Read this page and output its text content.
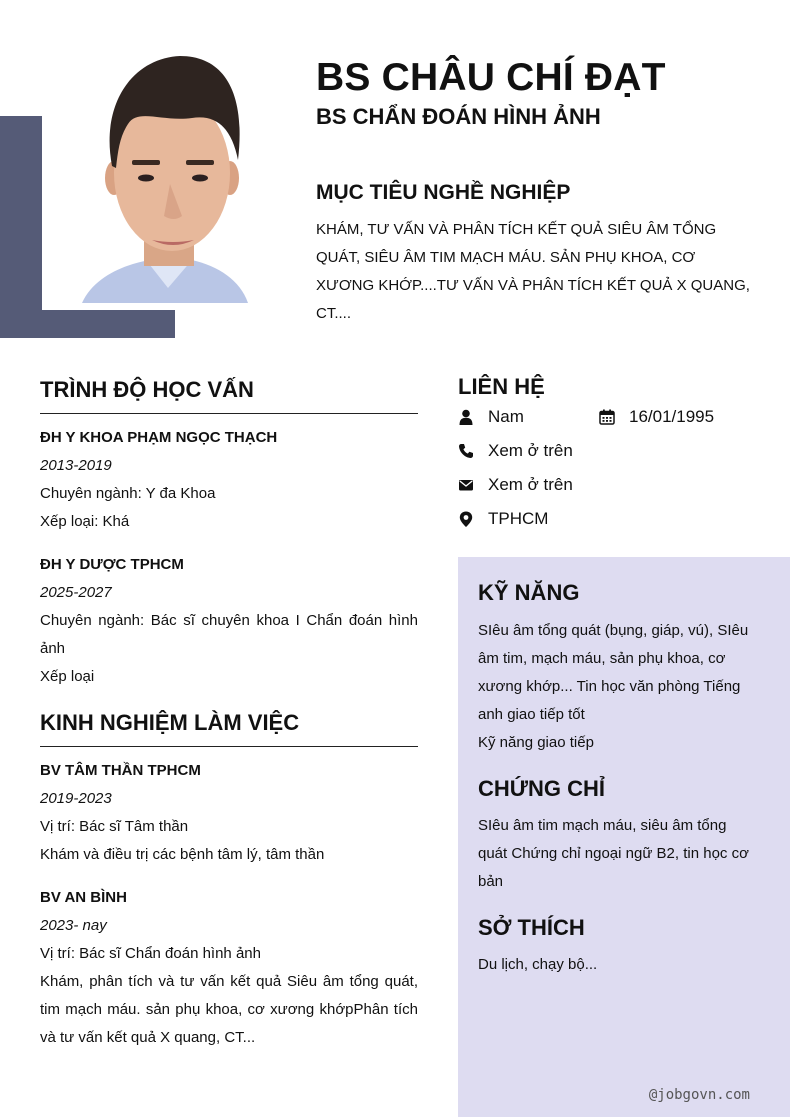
BS CHÂU CHÍ ĐẠT
BS CHẨN ĐOÁN HÌNH ẢNH
MỤC TIÊU NGHỀ NGHIỆP
KHÁM, TƯ VẤN VÀ PHÂN TÍCH KẾT QUẢ SIÊU ÂM TỔNG QUÁT, SIÊU ÂM TIM MẠCH MÁU. SẢN PHỤ KHOA, CƠ XƯƠNG KHỚP....TƯ VẤN VÀ PHÂN TÍCH KẾT QUẢ X QUANG, CT....
TRÌNH ĐỘ HỌC VẤN
ĐH Y KHOA PHẠM NGỌC THẠCH
2013-2019
Chuyên ngành: Y đa Khoa
Xếp loại: Khá
ĐH Y DƯỢC TPHCM
2025-2027
Chuyên ngành: Bác sĩ chuyên khoa I Chẩn đoán hình ảnh
Xếp loại
KINH NGHIỆM LÀM VIỆC
BV TÂM THẦN TPHCM
2019-2023
Vị trí: Bác sĩ Tâm thần
Khám và điều trị các bệnh tâm lý, tâm thần
BV AN BÌNH
2023- nay
Vị trí: Bác sĩ Chẩn đoán hình ảnh
Khám, phân tích và tư vấn kết quả Siêu âm tổng quát, tim mạch máu. sản phụ khoa, cơ xương khớpPhân tích và tư vấn kết quả X quang, CT...
LIÊN HỆ
Nam	16/01/1995
Xem ở trên
Xem ở trên
TPHCM
KỸ NĂNG
SIêu âm tổng quát (bụng, giáp, vú), SIêu âm tim, mạch máu, sản phụ khoa, cơ xương khớp... Tin học văn phòng Tiếng anh giao tiếp tốt
Kỹ năng giao tiếp
CHỨNG CHỈ
SIêu âm tim mạch máu, siêu âm tổng quát Chứng chỉ ngoại ngữ B2, tin học cơ bản
SỞ THÍCH
Du lịch, chạy bộ...
@jobgovn.com
